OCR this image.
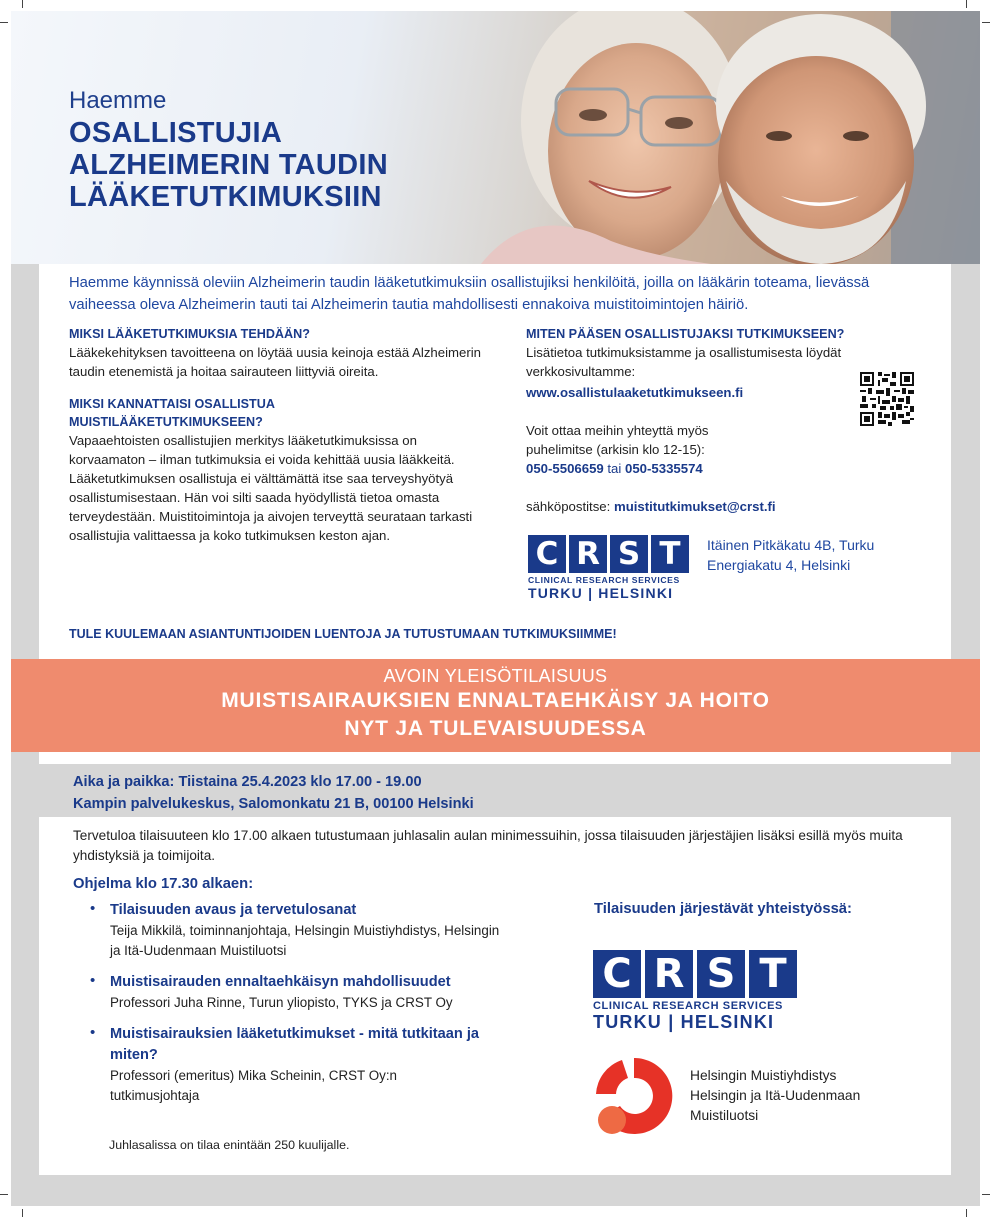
Haemme
OSALLISTUJIA
ALZHEIMERIN TAUDIN
LÄÄKETUTKIMUKSIIN
Haemme käynnissä oleviin Alzheimerin taudin lääketutkimuksiin osallistujiksi henkilöitä, joilla on lääkärin toteama, lievässä vaiheessa oleva Alzheimerin tauti tai Alzheimerin tautia mahdollisesti ennakoiva muistitoimintojen häiriö.
MIKSI LÄÄKETUTKIMUKSIA TEHDÄÄN?
Lääkekehityksen tavoitteena on löytää uusia keinoja estää Alzheimerin taudin etenemistä ja hoitaa sairauteen liittyviä oireita.
MIKSI KANNATTAISI OSALLISTUA MUISTILÄÄKETUTKIMUKSEEN?
Vapaaehtoisten osallistujien merkitys lääketutkimuksissa on korvaamaton – ilman tutkimuksia ei voida kehittää uusia lääkkeitä.
Lääketutkimuksen osallistuja ei välttämättä itse saa terveyshyötyä osallistumisestaan. Hän voi silti saada hyödyllistä tietoa omasta terveydestään. Muistitoimintoja ja aivojen terveyttä seurataan tarkasti osallistujia valittaessa ja koko tutkimuksen keston ajan.
MITEN PÄÄSEN OSALLISTUJAKSI TUTKIMUKSEEN?
Lisätietoa tutkimuksistamme ja osallistumisesta löydät verkkosivultamme:
www.osallistulaaketutkimukseen.fi
Voit ottaa meihin yhteyttä myös puhelimitse (arkisin klo 12-15):
050-5506659 tai 050-5335574
sähköpostitse: muistitutkimukset@crst.fi
C R S T
CLINICAL RESEARCH SERVICES
TURKU | HELSINKI
Itäinen Pitkäkatu 4B, Turku
Energiakatu 4, Helsinki
TULE KUULEMAAN ASIANTUNTIJOIDEN LUENTOJA JA TUTUSTUMAAN TUTKIMUKSIIMME!
AVOIN YLEISÖTILAISUUS
MUISTISAIRAUKSIEN ENNALTAEHKÄISY JA HOITO
NYT JA TULEVAISUUDESSA
Aika ja paikka: Tiistaina 25.4.2023 klo 17.00 - 19.00
Kampin palvelukeskus, Salomonkatu 21 B, 00100 Helsinki
Tervetuloa tilaisuuteen klo 17.00 alkaen tutustumaan juhlasalin aulan minimessuihin, jossa tilaisuuden järjestäjien lisäksi esillä myös muita yhdistyksiä ja toimijoita.
Ohjelma klo 17.30 alkaen:
• Tilaisuuden avaus ja tervetulosanat
Teija Mikkilä, toiminnanjohtaja, Helsingin Muistiyhdistys, Helsingin ja Itä-Uudenmaan Muistiluotsi
• Muistisairauden ennaltaehkäisyn mahdollisuudet
Professori Juha Rinne, Turun yliopisto, TYKS ja CRST Oy
• Muistisairauksien lääketutkimukset - mitä tutkitaan ja miten?
Professori (emeritus) Mika Scheinin, CRST Oy:n tutkimusjohtaja
Juhlasalissa on tilaa enintään 250 kuulijalle.
Tilaisuuden järjestävät yhteistyössä:
C R S T
CLINICAL RESEARCH SERVICES
TURKU | HELSINKI
Helsingin Muistiyhdistys
Helsingin ja Itä-Uudenmaan
Muistiluotsi
